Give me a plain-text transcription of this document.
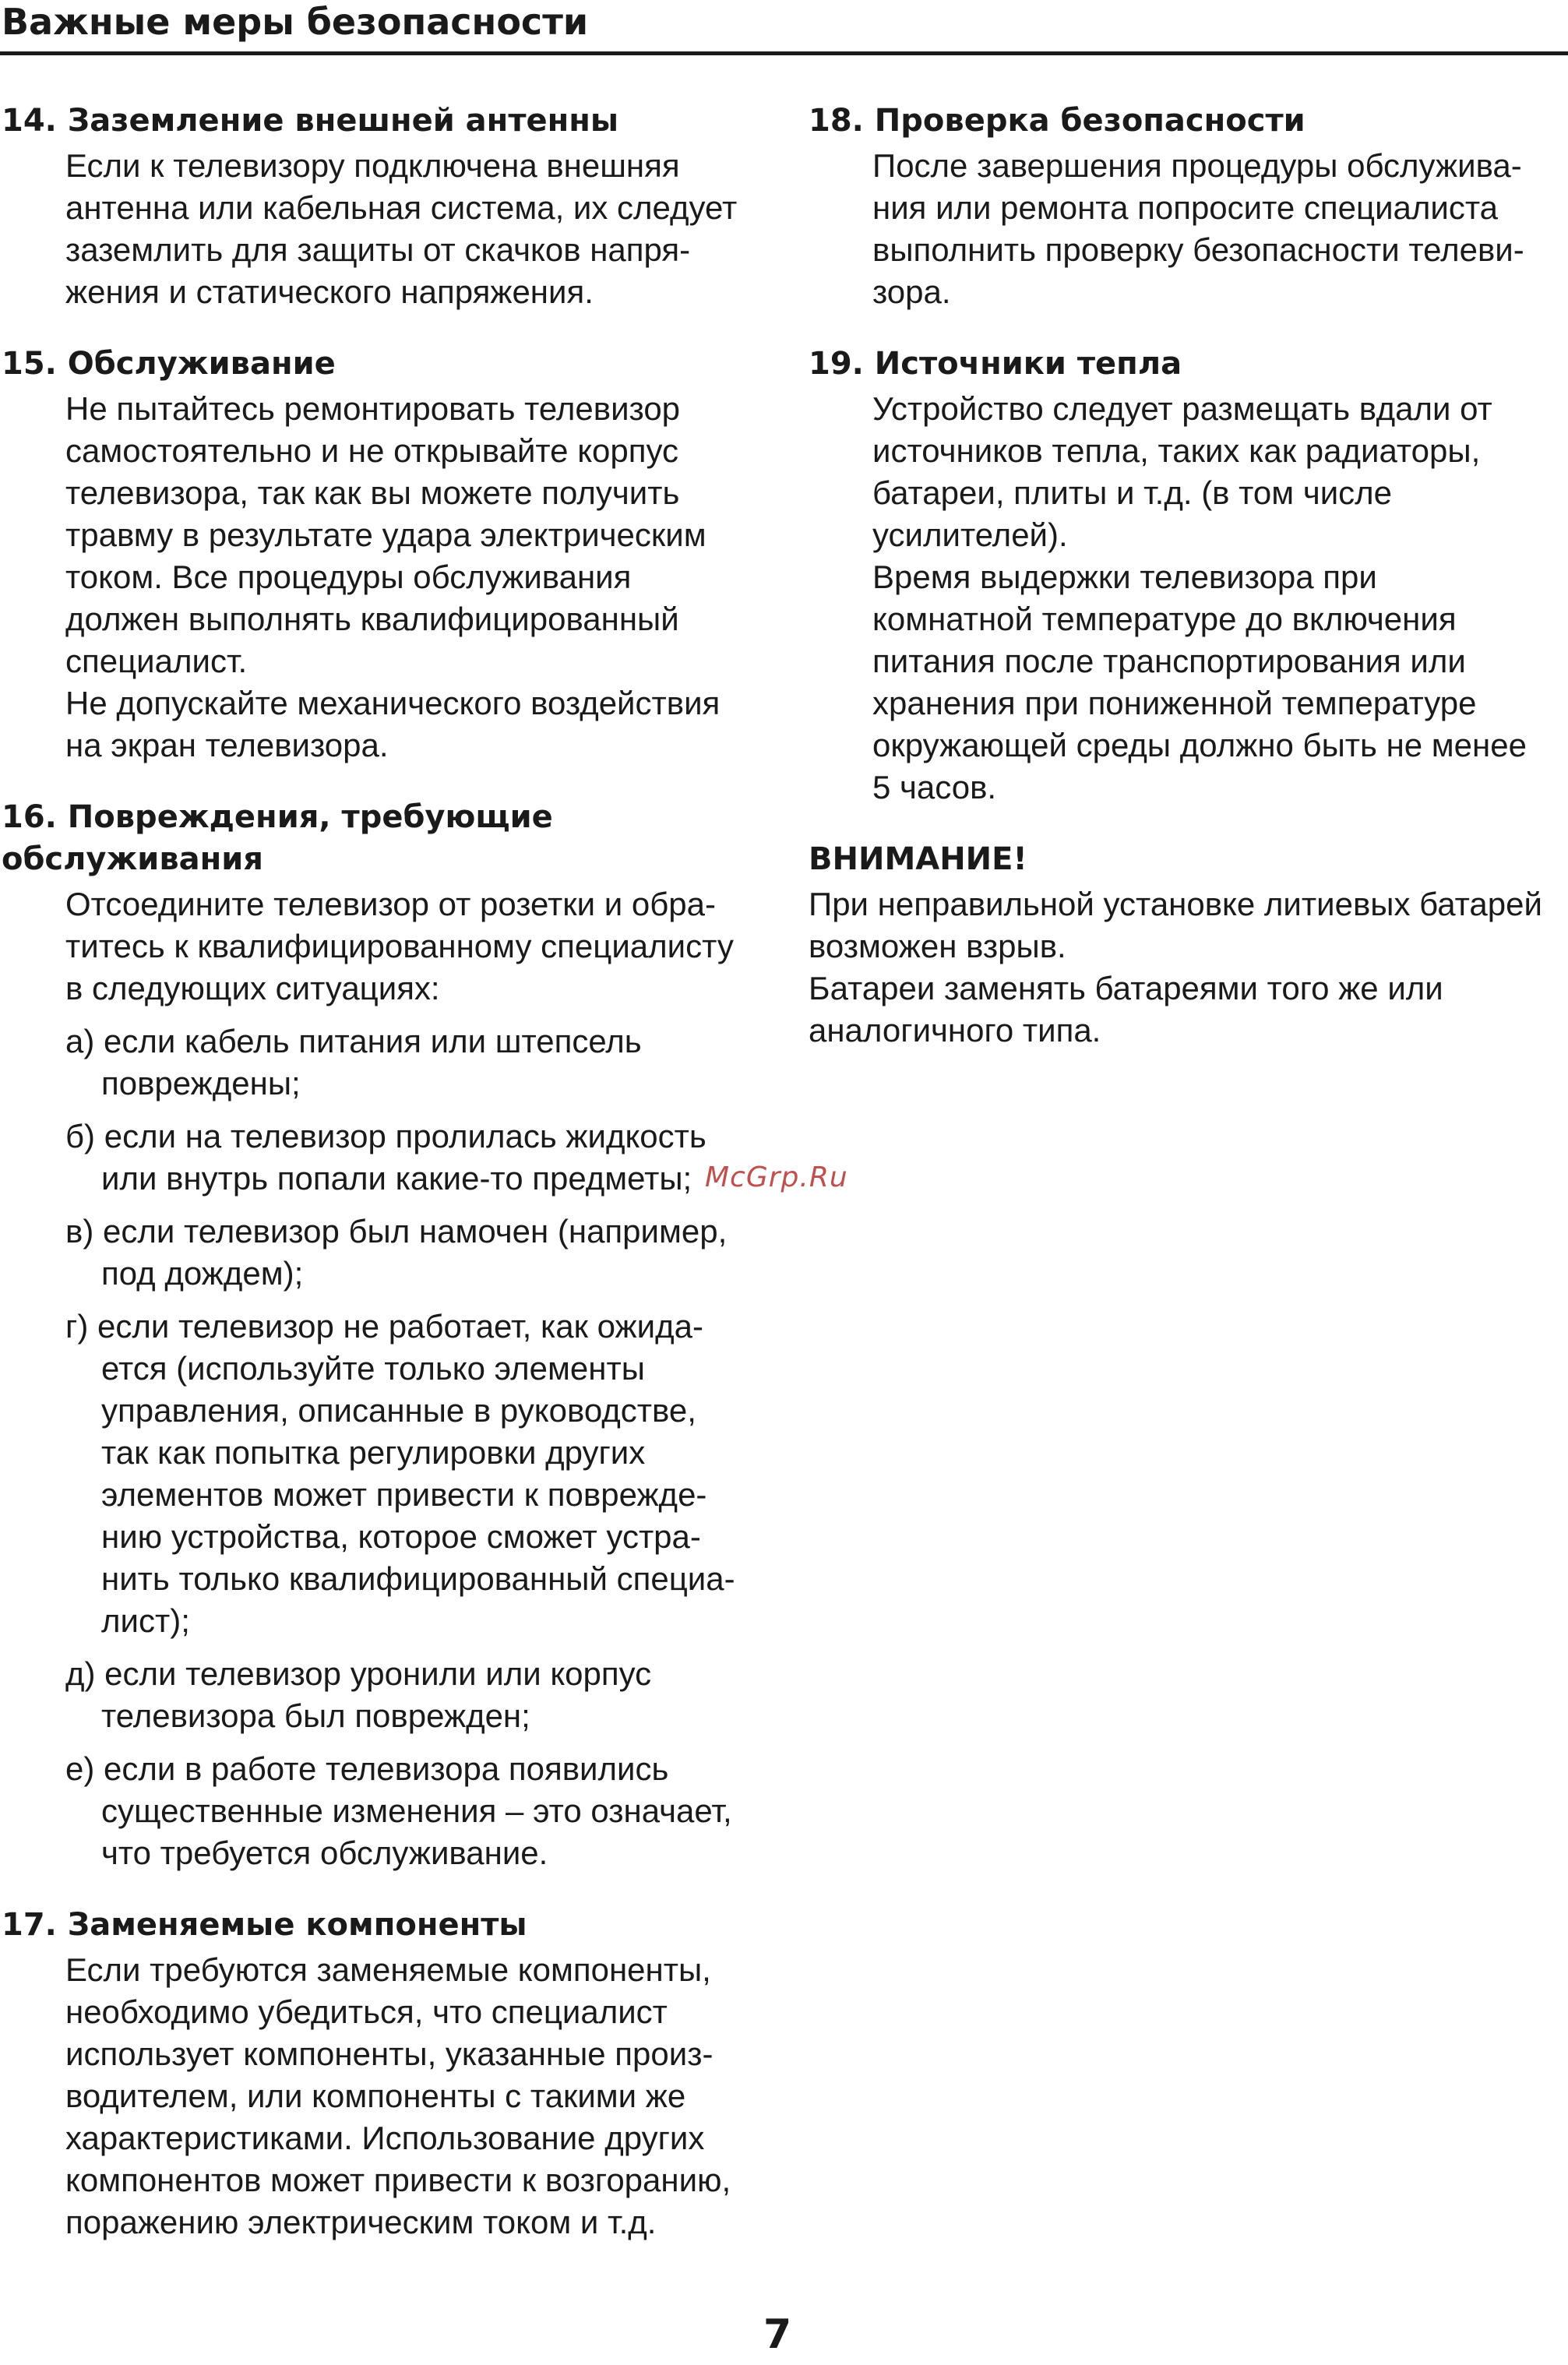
Важные меры безопасности
14. Заземление внешней антенны

Если к телевизору подключена внешняя
антенна или кабельная система, их следует
заземлить для защиты от скачков напря-
жения и статического напряжения.

15. Обслуживание

Не пытайтесь ремонтировать телевизор
самостоятельно и не открывайте корпус
телевизора, так как вы можете получить
травму в результате удара электрическим
током. Все процедуры обслуживания
должен выполнять квалифицированный
специалист.

Не допускайте механического воздействия
на экран телевизора.

16. Повреждения, требующие
обслуживания

Отсоедините телевизор от розетки и обра-
титесь к квалифицированному специалисту
в следующих ситуациях:

а) если кабель питания или штепсель
повреждены;

б) если на телевизор пролилась жидкость
или внутрь попали какие-то предметы;

в) если телевизор был намочен (например,
под дождем);

г) если телевизор не работает, как ожида-
ется (используйте только элементы
управления, описанные в руководстве,
так как попытка регулировки других
элементов может привести к поврежде-
нию устройства, которое сможет устра-
нить только квалифицированный специа-
лист);

д) если телевизор уронили или корпус
телевизора был поврежден;

е) если в работе телевизора появились
существенные изменения – это означает,
что требуется обслуживание.

17. Заменяемые компоненты

Если требуются заменяемые компоненты,
необходимо убедиться, что специалист
использует компоненты, указанные произ-
водителем, или компоненты с такими же
характеристиками. Использование других
компонентов может привести к возгоранию,
поражению электрическим током и т.д.

18. Проверка безопасности

После завершения процедуры обслужива-
ния или ремонта попросите специалиста
выполнить проверку безопасности телеви-
зора.

19. Источники тепла

Устройство следует размещать вдали от
источников тепла, таких как радиаторы,
батареи, плиты и т.д. (в том числе
усилителей).

Время выдержки телевизора при
комнатной температуре до включения
питания после транспортирования или
хранения при пониженной температуре
окружающей среды должно быть не менее
5 часов.

ВНИМАНИЕ!

При неправильной установке литиевых батарей
возможен взрыв.

Батареи заменять батареями того же или
аналогичного типа.

McGrp.Ru
7
